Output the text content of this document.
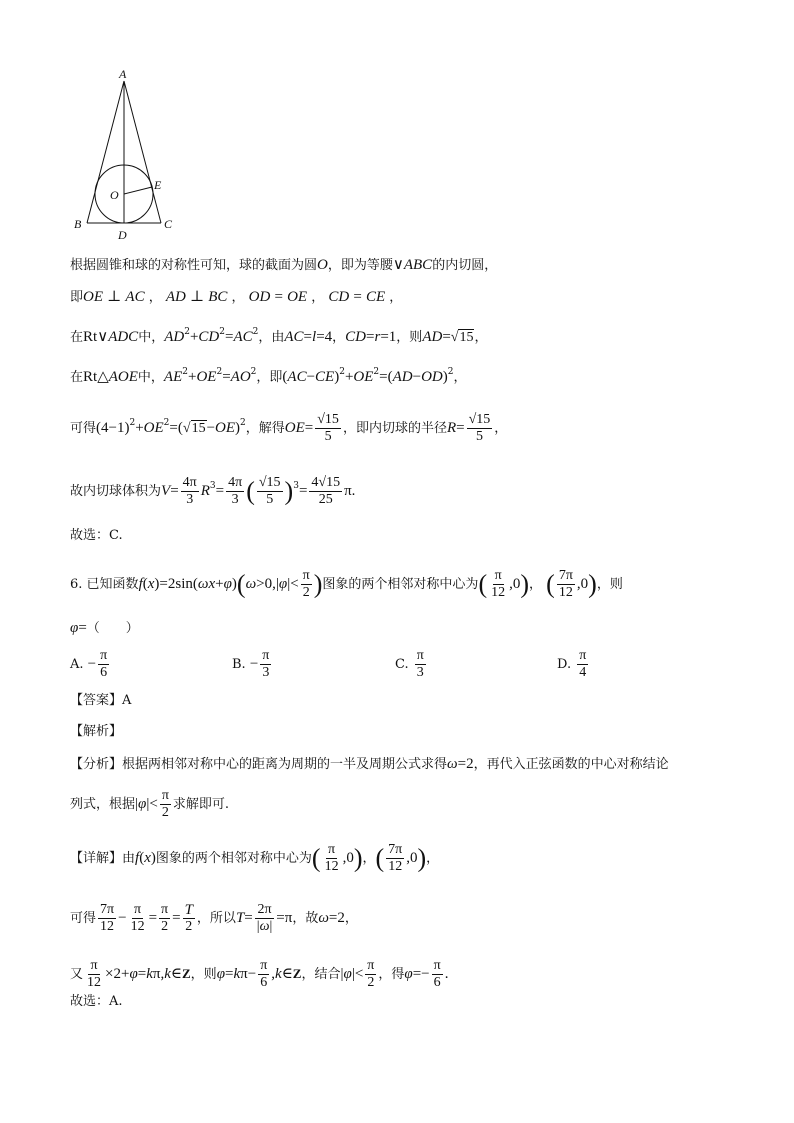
A
B	C
D
O
E
根据圆锥和球的对称性可知，球的截面为圆O，即为等腰∨ABC的内切圆，
即OE ⊥ AC ， AD ⊥ BC ， OD = OE ， CD = CE ，
在Rt∨ADC中，$AD^2+CD^2=AC^2$，由AC=l=4，CD=r=1，则AD=√15，
在Rt△AOE中，$AE^2+OE^2=AO^2$，即$(AC-CE)^2+OE^2=(AD-OD)^2$，
可得$(4-1)^2+OE^2=(√15-OE)^2$，解得$OE= \frac{√15}{5}$ ，即内切球的半径$R= \frac{√15}{5}$ ，
故内切球体积为$V= \frac{4\pi}{3} R^3= \frac{4\pi}{3}$ ( $\frac{√15}{5} )^3= \frac{4√15}{25} \pi$.
故选：C.
6. 已知函数$f(x)=2\sin(\omega x+\varphi)(\omega>0,|\varphi|< \frac{\pi}{2}$ )图象的两个相邻对称中心为( $\frac{\pi}{12} ,0$)， ( $\frac{7\pi}{12} ,0$)，则
φ=（　　）
A. − $\frac{\pi}{6}$	B. − $\frac{\pi}{3}$	C. $\frac{\pi}{3}$	D. $\frac{\pi}{4}$
【答案】A
【解析】
【分析】根据两相邻对称中心的距离为周期的一半及周期公式求得ω=2，再代入正弦函数的中心对称结论
列式，根据$|\varphi|< \frac{\pi}{2}$ 求解即可.
【详解】由f(x)图象的两个相邻对称中心为( $\frac{\pi}{12} ,0$)，( $\frac{7\pi}{12} ,0$)，
可得 $\frac{7\pi}{12} - \frac{\pi}{12} = \frac{\pi}{2} = \frac{T}{2}$ ，所以$T= \frac{2\pi}{|\omega|} =\pi$，故ω=2，
又 $\frac{\pi}{12}$ ×2+φ=kπ,k∈Z，则$\varphi=k\pi- \frac{\pi}{6}$ ,k∈Z，结合$|\varphi|< \frac{\pi}{2}$ ，得$\varphi=- \frac{\pi}{6}$ .
故选：A.
